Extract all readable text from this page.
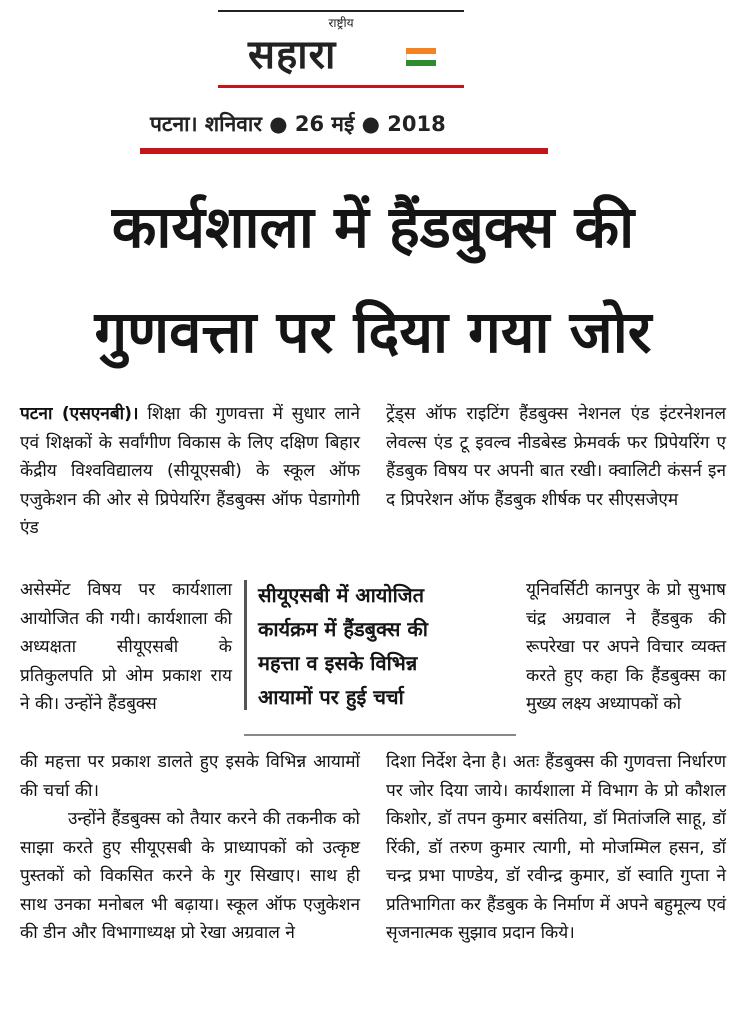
राष्ट्रीय
सहारा
पटना। शनिवार ● 26 मई ● 2018
कार्यशाला में हैंडबुक्स की
गुणवत्ता पर दिया गया जोर

पटना (एसएनबी)। शिक्षा की गुणवत्ता में सुधार लाने एवं शिक्षकों के सर्वांगीण विकास के लिए दक्षिण बिहार केंद्रीय विश्वविद्यालय (सीयूएसबी) के स्कूल ऑफ एजुकेशन की ओर से प्रिपेयरिंग हैंडबुक्स ऑफ पेडागोगी एंड

असेस्मेंट विषय पर कार्यशाला आयोजित की गयी। कार्यशाला की अध्यक्षता सीयूएसबी के प्रतिकुलपति प्रो ओम प्रकाश राय ने की। उन्होंने हैंडबुक्स

की महत्ता पर प्रकाश डालते हुए इसके विभिन्न आयामों की चर्चा की।

उन्होंने हैंडबुक्स को तैयार करने की तकनीक को साझा करते हुए सीयूएसबी के प्राध्यापकों को उत्कृष्ट पुस्तकों को विकसित करने के गुर सिखाए। साथ ही साथ उनका मनोबल भी बढ़ाया। स्कूल ऑफ एजुकेशन की डीन और विभागाध्यक्ष प्रो रेखा अग्रवाल ने

सीयूएसबी में आयोजित
कार्यक्रम में हैंडबुक्स की
महत्ता व इसके विभिन्न
आयामों पर हुई चर्चा

ट्रेंड्स ऑफ राइटिंग हैंडबुक्स नेशनल एंड इंटरनेशनल लेवल्स एंड टू इवल्व नीडबेस्ड फ्रेमवर्क फर प्रिपेयरिंग ए हैंडबुक विषय पर अपनी बात रखी। क्वालिटी कंसर्न इन द प्रिपरेशन ऑफ हैंडबुक शीर्षक पर सीएसजेएम

यूनिवर्सिटी कानपुर के प्रो सुभाष चंद्र अग्रवाल ने हैंडबुक की रूपरेखा पर अपने विचार व्यक्त करते हुए कहा कि हैंडबुक्स का मुख्य लक्ष्य अध्यापकों को

दिशा निर्देश देना है। अतः हैंडबुक्स की गुणवत्ता निर्धारण पर जोर दिया जाये। कार्यशाला में विभाग के प्रो कौशल किशोर, डॉ तपन कुमार बसंतिया, डॉ मितांजलि साहू, डॉ रिंकी, डॉ तरुण कुमार त्यागी, मो मोजम्मिल हसन, डॉ चन्द्र प्रभा पाण्डेय, डॉ रवीन्द्र कुमार, डॉ स्वाति गुप्ता ने प्रतिभागिता कर हैंडबुक के निर्माण में अपने बहुमूल्य एवं सृजनात्मक सुझाव प्रदान किये।
